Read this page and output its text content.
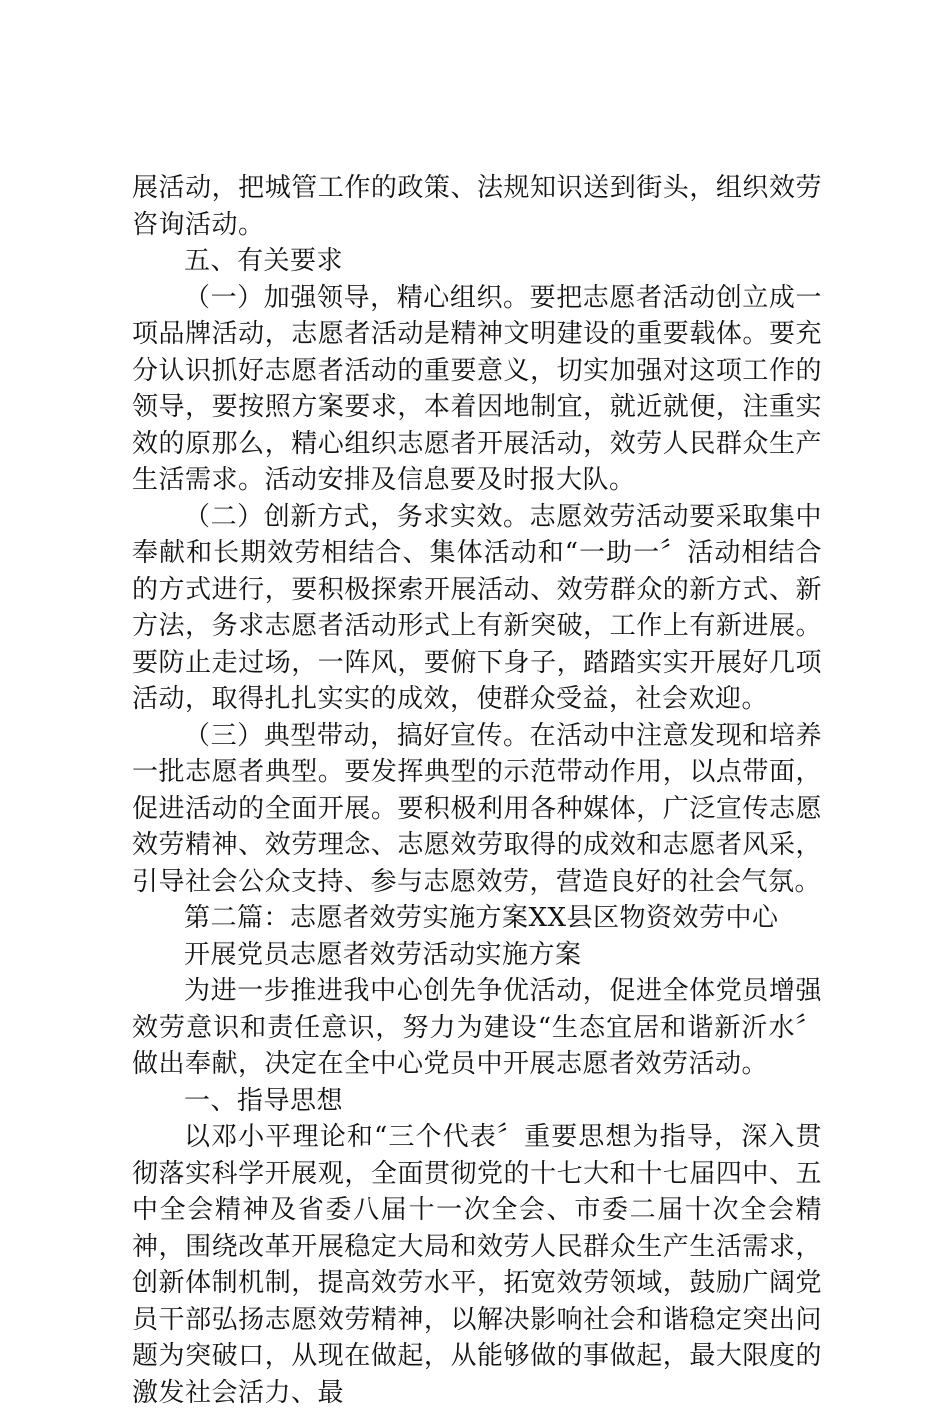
展活动，把城管工作的政策、法规知识送到街头，组织效劳咨询活动。

五、有关要求

（一）加强领导，精心组织。要把志愿者活动创立成一项品牌活动，志愿者活动是精神文明建设的重要载体。要充分认识抓好志愿者活动的重要意义，切实加强对这项工作的领导，要按照方案要求，本着因地制宜，就近就便，注重实效的原那么，精心组织志愿者开展活动，效劳人民群众生产生活需求。活动安排及信息要及时报大队。

（二）创新方式，务求实效。志愿效劳活动要采取集中奉献和长期效劳相结合、集体活动和“一助一〞活动相结合的方式进行，要积极探索开展活动、效劳群众的新方式、新方法，务求志愿者活动形式上有新突破，工作上有新进展。要防止走过场，一阵风，要俯下身子，踏踏实实开展好几项活动，取得扎扎实实的成效，使群众受益，社会欢迎。

（三）典型带动，搞好宣传。在活动中注意发现和培养一批志愿者典型。要发挥典型的示范带动作用，以点带面，促进活动的全面开展。要积极利用各种媒体，广泛宣传志愿效劳精神、效劳理念、志愿效劳取得的成效和志愿者风采，引导社会公众支持、参与志愿效劳，营造良好的社会气氛。

第二篇：志愿者效劳实施方案XX县区物资效劳中心

开展党员志愿者效劳活动实施方案

为进一步推进我中心创先争优活动，促进全体党员增强效劳意识和责任意识，努力为建设“生态宜居和谐新沂水〞做出奉献，决定在全中心党员中开展志愿者效劳活动。

一、指导思想

以邓小平理论和“三个代表〞重要思想为指导，深入贯彻落实科学开展观，全面贯彻党的十七大和十七届四中、五中全会精神及省委八届十一次全会、市委二届十次全会精神，围绕改革开展稳定大局和效劳人民群众生产生活需求，创新体制机制，提高效劳水平，拓宽效劳领域，鼓励广阔党员干部弘扬志愿效劳精神，以解决影响社会和谐稳定突出问题为突破口，从现在做起，从能够做的事做起，最大限度的激发社会活力、最
